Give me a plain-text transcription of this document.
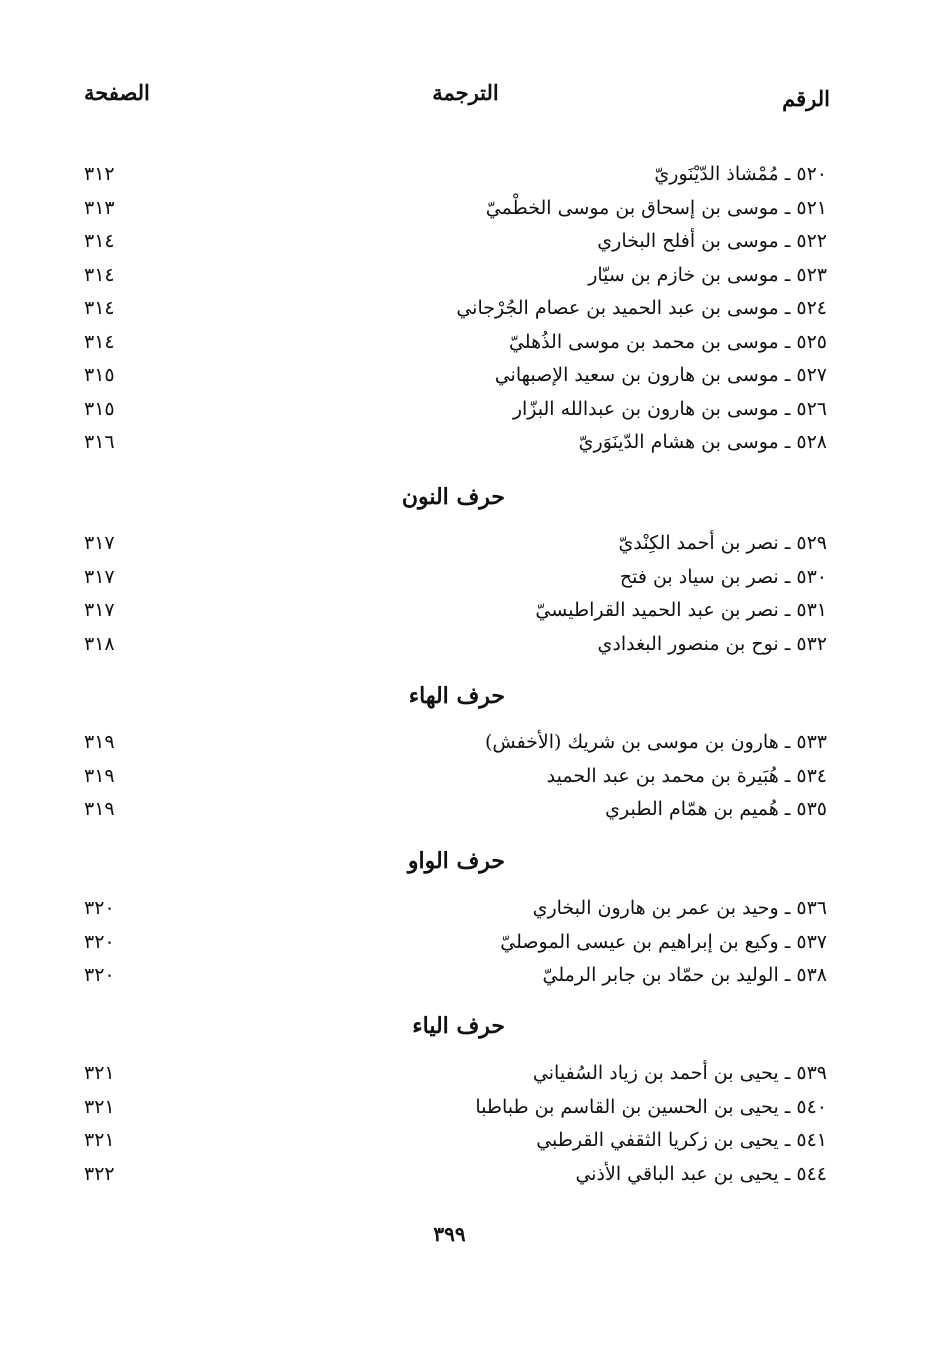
الرقم
الترجمة
الصفحة
٥٢٠ ـ مُمْشاذ الدّيْنَوريّ
٣١٢
٥٢١ ـ موسى بن إسحاق بن موسى الخطْميّ
٣١٣
٥٢٢ ـ موسى بن أفلح البخاري
٣١٤
٥٢٣ ـ موسى بن خازم بن سيّار
٣١٤
٥٢٤ ـ موسى بن عبد الحميد بن عصام الجُرْجاني
٣١٤
٥٢٥ ـ موسى بن محمد بن موسى الذُهليّ
٣١٤
٥٢٧ ـ موسى بن هارون بن سعيد الإصبهاني
٣١٥
٥٢٦ ـ موسى بن هارون بن عبدالله البزّار
٣١٥
٥٢٨ ـ موسى بن هشام الدّينَوَريّ
٣١٦
حرف النون
٥٢٩ ـ نصر بن أحمد الكِنْديّ
٣١٧
٥٣٠ ـ نصر بن سياد بن فتح
٣١٧
٥٣١ ـ نصر بن عبد الحميد القراطيسيّ
٣١٧
٥٣٢ ـ نوح بن منصور البغدادي
٣١٨
حرف الهاء
٥٣٣ ـ هارون بن موسى بن شريك (الأخفش)
٣١٩
٥٣٤ ـ هُبَيرة بن محمد بن عبد الحميد
٣١٩
٥٣٥ ـ هُميم بن همّام الطبري
٣١٩
حرف الواو
٥٣٦ ـ وحيد بن عمر بن هارون البخاري
٣٢٠
٥٣٧ ـ وكيع بن إبراهيم بن عيسى الموصليّ
٣٢٠
٥٣٨ ـ الوليد بن حمّاد بن جابر الرمليّ
٣٢٠
حرف الياء
٥٣٩ ـ يحيى بن أحمد بن زياد السُفياني
٣٢١
٥٤٠ ـ يحيى بن الحسين بن القاسم بن طباطبا
٣٢١
٥٤١ ـ يحيى بن زكريا الثقفي القرطبي
٣٢١
٥٤٤ ـ يحيى بن عبد الباقي الأذني
٣٢٢
٣٩٩
